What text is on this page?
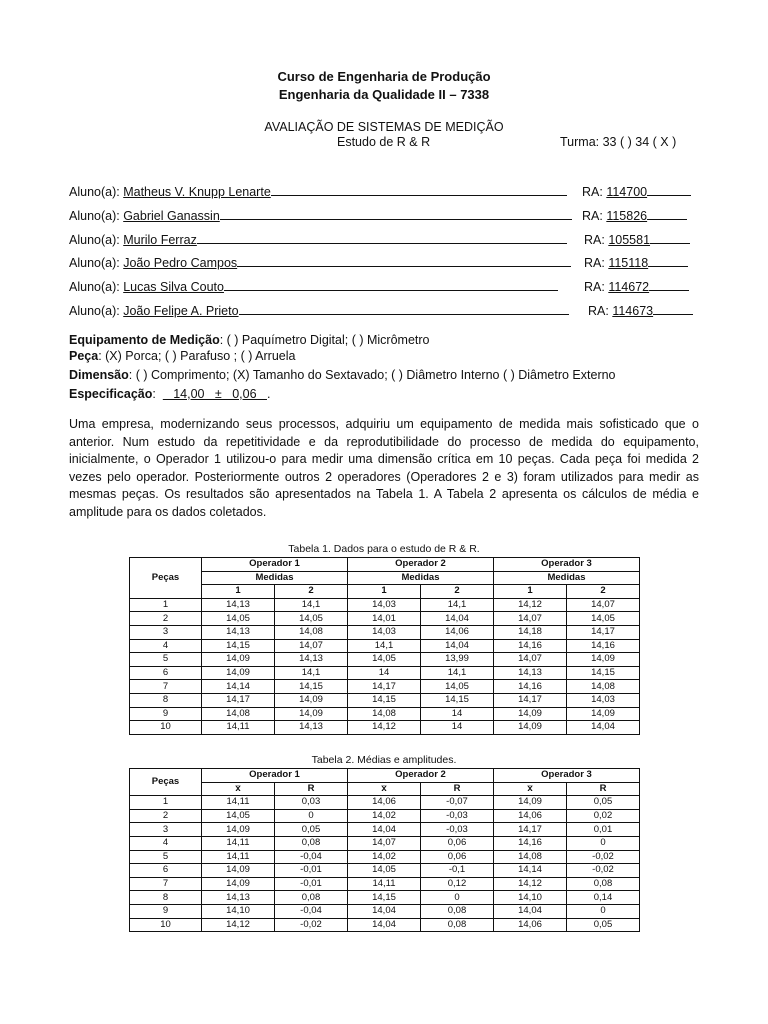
Curso de Engenharia de Produção
Engenharia da Qualidade II – 7338
AVALIAÇÃO DE SISTEMAS DE MEDIÇÃO
Estudo de R & R	Turma: 33 ( ) 34 ( X )
Aluno(a): Matheus V. Knupp Lenarte	RA: 114700
Aluno(a): Gabriel Ganassin	RA: 115826
Aluno(a): Murilo Ferraz	RA: 105581
Aluno(a): João Pedro Campos	RA: 115118
Aluno(a): Lucas Silva Couto	RA: 114672
Aluno(a): João Felipe A. Prieto	RA: 114673
Equipamento de Medição: ( ) Paquímetro Digital; ( ) Micrômetro
Peça: (X) Porca; ( ) Parafuso ; ( ) Arruela
Dimensão: ( ) Comprimento; (X) Tamanho do Sextavado; ( ) Diâmetro Interno ( ) Diâmetro Externo
Especificação:     14,00   ±   0,06   .
Uma empresa, modernizando seus processos, adquiriu um equipamento de medida mais sofisticado que o anterior. Num estudo da repetitividade e da reprodutibilidade do processo de medida do equipamento, inicialmente, o Operador 1 utilizou-o para medir uma dimensão crítica em 10 peças. Cada peça foi medida 2 vezes pelo operador. Posteriormente outros 2 operadores (Operadores 2 e 3) foram utilizados para medir as mesmas peças. Os resultados são apresentados na Tabela 1. A Tabela 2 apresenta os cálculos de média e amplitude para os dados coletados.
Tabela 1. Dados para o estudo de R & R.
Peças	Operador 1		Operador 2		Operador 3	
	Medidas		Medidas		Medidas	
	1	2	1	2	1	2
1	14,13	14,1	14,03	14,1	14,12	14,07
2	14,05	14,05	14,01	14,04	14,07	14,05
3	14,13	14,08	14,03	14,06	14,18	14,17
4	14,15	14,07	14,1	14,04	14,16	14,16
5	14,09	14,13	14,05	13,99	14,07	14,09
6	14,09	14,1	14	14,1	14,13	14,15
7	14,14	14,15	14,17	14,05	14,16	14,08
8	14,17	14,09	14,15	14,15	14,17	14,03
9	14,08	14,09	14,08	14	14,09	14,09
10	14,11	14,13	14,12	14	14,09	14,04
Tabela 2. Médias e amplitudes.
Peças	Operador 1		Operador 2		Operador 3	
	x̅	R	x̅	R	x̅	R
1	14,11	0,03	14,06	-0,07	14,09	0,05
2	14,05	0	14,02	-0,03	14,06	0,02
3	14,09	0,05	14,04	-0,03	14,17	0,01
4	14,11	0,08	14,07	0,06	14,16	0
5	14,11	-0,04	14,02	0,06	14,08	-0,02
6	14,09	-0,01	14,05	-0,1	14,14	-0,02
7	14,09	-0,01	14,11	0,12	14,12	0,08
8	14,13	0,08	14,15	0	14,10	0,14
9	14,10	-0,04	14,04	0,08	14,04	0
10	14,12	-0,02	14,04	0,08	14,06	0,05
